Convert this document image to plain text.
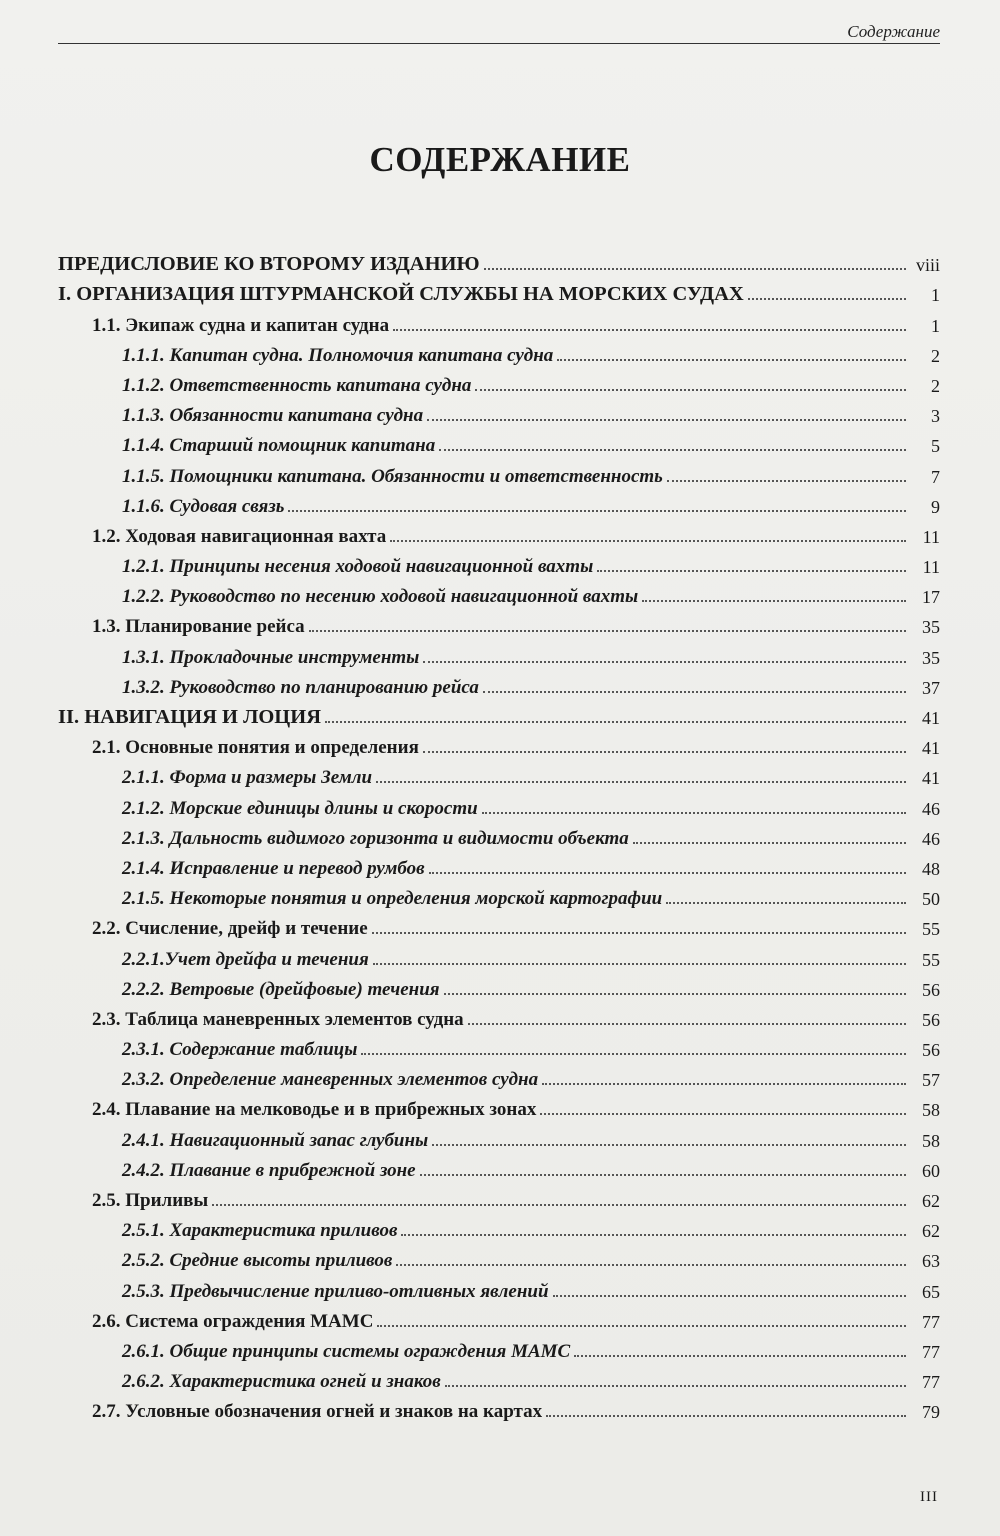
Содержание
СОДЕРЖАНИЕ
ПРЕДИСЛОВИЕ КО ВТОРОМУ ИЗДАНИЮ	viii
I. ОРГАНИЗАЦИЯ ШТУРМАНСКОЙ СЛУЖБЫ НА МОРСКИХ СУДАХ	1
1.1. Экипаж судна и капитан судна	1
1.1.1. Капитан судна. Полномочия капитана судна	2
1.1.2. Ответственность капитана судна	2
1.1.3. Обязанности капитана судна	3
1.1.4. Старший помощник капитана	5
1.1.5. Помощники капитана. Обязанности и ответственность	7
1.1.6. Судовая связь	9
1.2. Ходовая навигационная вахта	11
1.2.1. Принципы несения ходовой навигационной вахты	11
1.2.2. Руководство по несению ходовой навигационной вахты	17
1.3. Планирование рейса	35
1.3.1. Прокладочные инструменты	35
1.3.2. Руководство по планированию рейса	37
II. НАВИГАЦИЯ И ЛОЦИЯ	41
2.1. Основные понятия и определения	41
2.1.1. Форма и размеры Земли	41
2.1.2. Морские единицы длины и скорости	46
2.1.3. Дальность видимого горизонта и видимости объекта	46
2.1.4. Исправление и перевод румбов	48
2.1.5. Некоторые понятия и определения морской картографии	50
2.2. Счисление, дрейф и течение	55
2.2.1.Учет дрейфа и течения	55
2.2.2. Ветровые (дрейфовые) течения	56
2.3. Таблица маневренных элементов судна	56
2.3.1. Содержание таблицы	56
2.3.2. Определение маневренных элементов судна	57
2.4. Плавание на мелководье и в прибрежных зонах	58
2.4.1. Навигационный запас глубины	58
2.4.2. Плавание в прибрежной зоне	60
2.5. Приливы	62
2.5.1. Характеристика приливов	62
2.5.2. Средние высоты приливов	63
2.5.3. Предвычисление приливо-отливных явлений	65
2.6. Система ограждения МАМС	77
2.6.1. Общие принципы системы ограждения МАМС	77
2.6.2. Характеристика огней и знаков	77
2.7. Условные обозначения огней и знаков на картах	79
III
